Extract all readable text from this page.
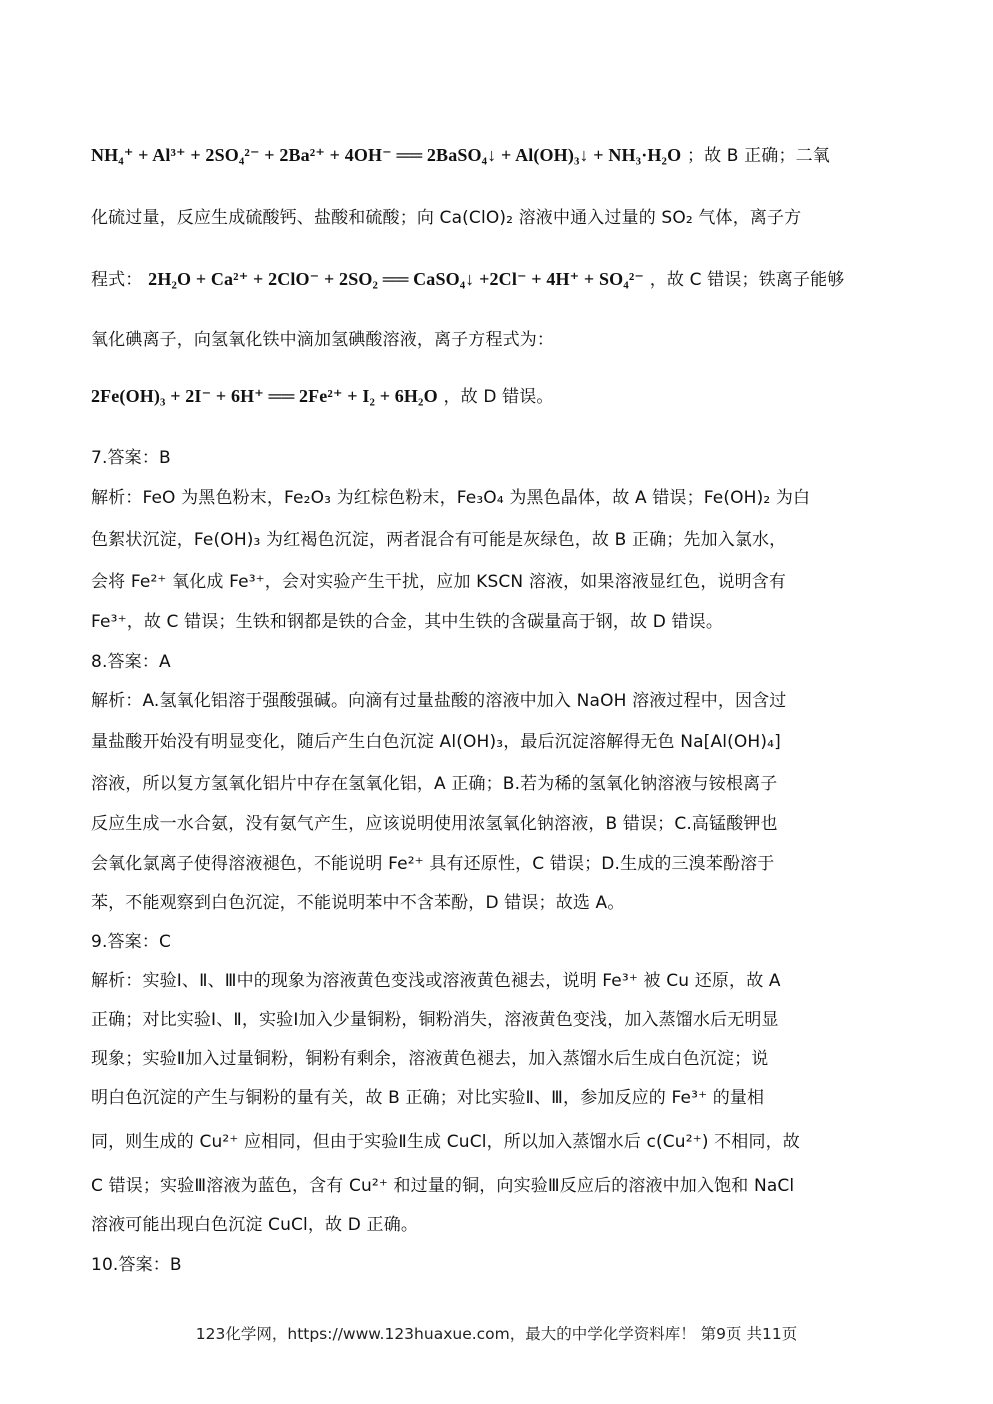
NH₄⁺ + Al³⁺ + 2SO₄²⁻ + 2Ba²⁺ + 4OH⁻ ══ 2BaSO₄↓ + Al(OH)₃↓ + NH₃·H₂O ；故 B 正确；二氧
化硫过量，反应生成硫酸钙、盐酸和硫酸；向 Ca(ClO)₂ 溶液中通入过量的 SO₂ 气体，离子方
程式： 2H₂O + Ca²⁺ + 2ClO⁻ + 2SO₂ ══ CaSO₄↓ +2Cl⁻ + 4H⁺ + SO₄²⁻ ，故 C 错误；铁离子能够
氧化碘离子，向氢氧化铁中滴加氢碘酸溶液，离子方程式为：
2Fe(OH)₃ + 2I⁻ + 6H⁺ ══ 2Fe²⁺ + I₂ + 6H₂O ，故 D 错误。
7.答案：B
解析：FeO 为黑色粉末，Fe₂O₃ 为红棕色粉末，Fe₃O₄ 为黑色晶体，故 A 错误；Fe(OH)₂ 为白
色絮状沉淀，Fe(OH)₃ 为红褐色沉淀，两者混合有可能是灰绿色，故 B 正确；先加入氯水，
会将 Fe²⁺ 氧化成 Fe³⁺，会对实验产生干扰，应加 KSCN 溶液，如果溶液显红色，说明含有
Fe³⁺，故 C 错误；生铁和钢都是铁的合金，其中生铁的含碳量高于钢，故 D 错误。
8.答案：A
解析：A.氢氧化铝溶于强酸强碱。向滴有过量盐酸的溶液中加入 NaOH 溶液过程中，因含过
量盐酸开始没有明显变化，随后产生白色沉淀 Al(OH)₃，最后沉淀溶解得无色 Na[Al(OH)₄]
溶液，所以复方氢氧化铝片中存在氢氧化铝，A 正确；B.若为稀的氢氧化钠溶液与铵根离子
反应生成一水合氨，没有氨气产生，应该说明使用浓氢氧化钠溶液，B 错误；C.高锰酸钾也
会氧化氯离子使得溶液褪色，不能说明 Fe²⁺ 具有还原性，C 错误；D.生成的三溴苯酚溶于
苯，不能观察到白色沉淀，不能说明苯中不含苯酚，D 错误；故选 A。
9.答案：C
解析：实验Ⅰ、Ⅱ、Ⅲ中的现象为溶液黄色变浅或溶液黄色褪去，说明 Fe³⁺ 被 Cu 还原，故 A
正确；对比实验Ⅰ、Ⅱ，实验Ⅰ加入少量铜粉，铜粉消失，溶液黄色变浅，加入蒸馏水后无明显
现象；实验Ⅱ加入过量铜粉，铜粉有剩余，溶液黄色褪去，加入蒸馏水后生成白色沉淀；说
明白色沉淀的产生与铜粉的量有关，故 B 正确；对比实验Ⅱ、Ⅲ，参加反应的 Fe³⁺ 的量相
同，则生成的 Cu²⁺ 应相同，但由于实验Ⅱ生成 CuCl，所以加入蒸馏水后 c(Cu²⁺) 不相同，故
C 错误；实验Ⅲ溶液为蓝色，含有 Cu²⁺ 和过量的铜，向实验Ⅲ反应后的溶液中加入饱和 NaCl
溶液可能出现白色沉淀 CuCl，故 D 正确。
10.答案：B
123化学网，https://www.123huaxue.com，最大的中学化学资料库！ 第9页 共11页
